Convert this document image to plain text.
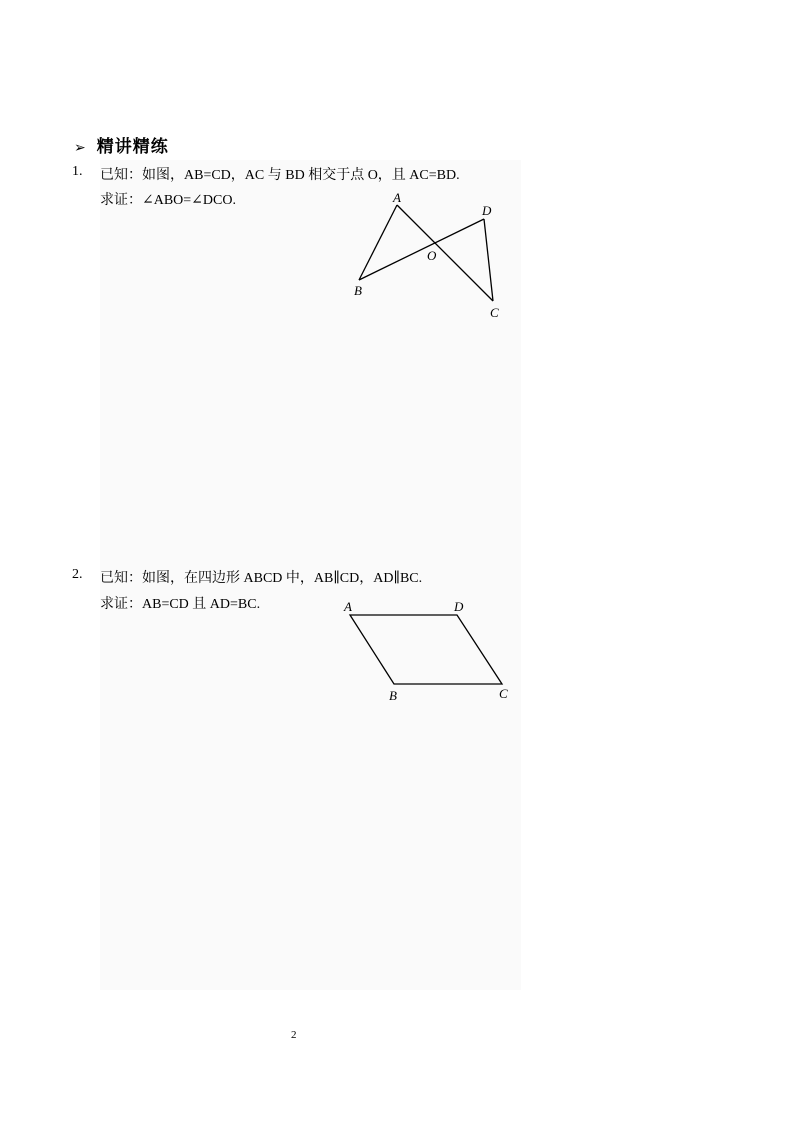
➢ 精讲精练
1. 已知：如图，AB=CD，AC 与 BD 相交于点 O，且 AC=BD.
求证：∠ABO=∠DCO.	A
B
C
D
O
2. 已知：如图，在四边形 ABCD 中，AB∥CD，AD∥BC.
求证：AB=CD 且 AD=BC.	A	D
B	C
2
